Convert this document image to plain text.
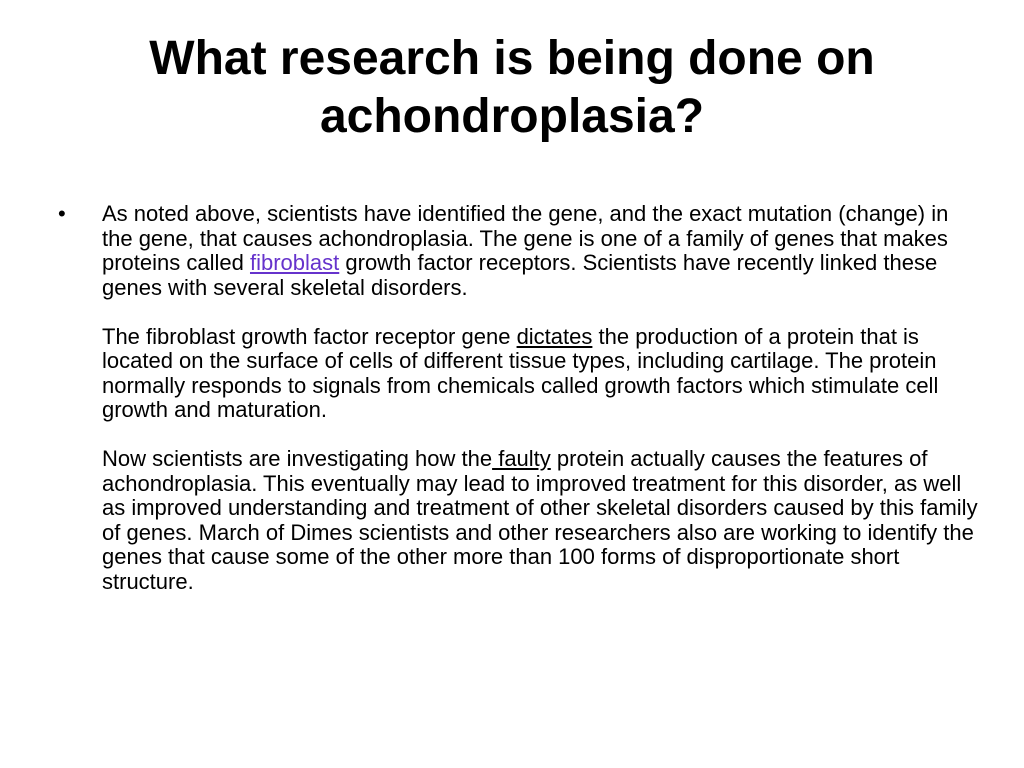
What research is being done on achondroplasia?
•	As noted above, scientists have identified the gene, and the exact mutation (change) in the gene, that causes achondroplasia. The gene is one of a family of genes that makes proteins called fibroblast growth factor receptors. Scientists have recently linked these genes with several skeletal disorders.

The fibroblast growth factor receptor gene dictates the production of a protein that is located on the surface of cells of different tissue types, including cartilage. The protein normally responds to signals from chemicals called growth factors which stimulate cell growth and maturation.

Now scientists are investigating how the faulty protein actually causes the features of achondroplasia. This eventually may lead to improved treatment for this disorder, as well as improved understanding and treatment of other skeletal disorders caused by this family of genes. March of Dimes scientists and other researchers also are working to identify the genes that cause some of the other more than 100 forms of disproportionate short structure.
